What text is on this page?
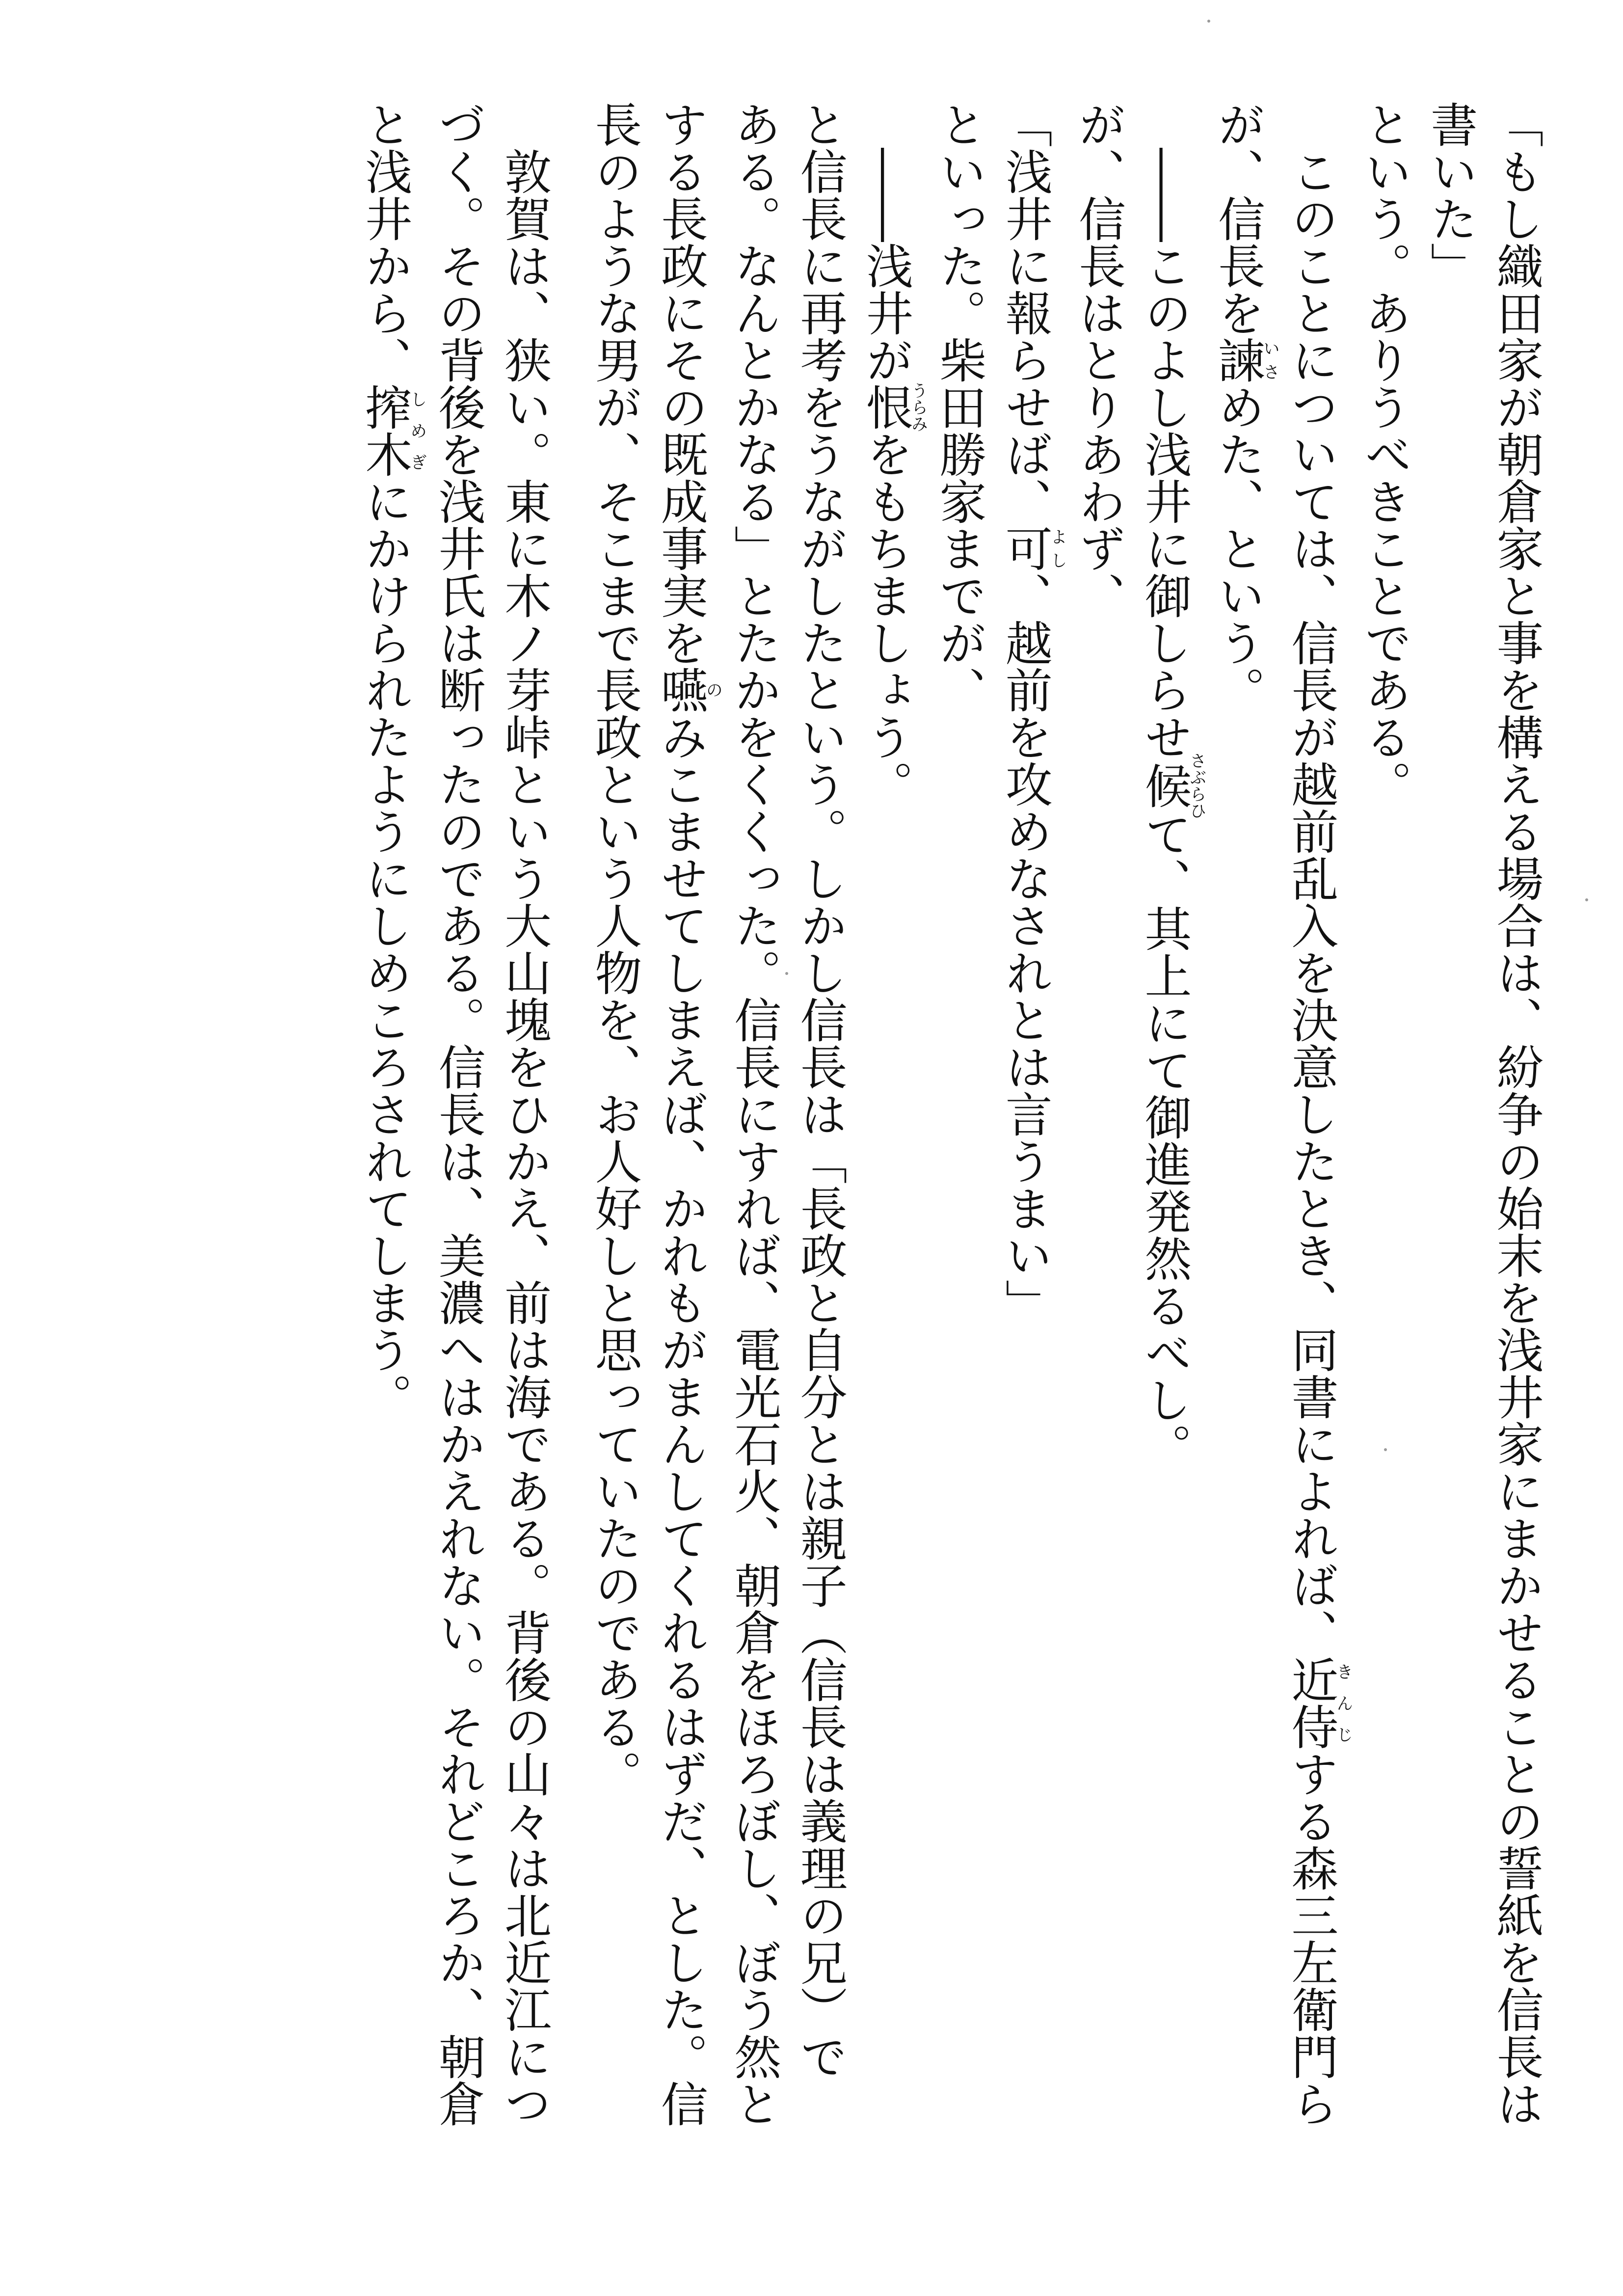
「もし織田家が朝倉家と事を構える場合は、紛争の始末を浅井家にまかせることの誓紙を信長は

書いた」

という。ありうべきことである。

　このことについては、信長が越前乱入を決意したとき、同書によれば、近侍きんじする森三左衛門ら

が、信長を諫いさめた、という。

　――このよし浅井に御しらせ候さぶらひて、其上にて御進発然るべし。

が、信長はとりあわず、

「浅井に報らせば、可よし、越前を攻めなされとは言うまい」

といった。柴田勝家までが、

　――浅井が恨うらみをもちましょう。

と信長に再考をうながしたという。しかし信長は「長政と自分とは親子（信長は義理の兄）で

ある。なんとかなる」とたかをくくった。信長にすれば、電光石火、朝倉をほろぼし、ぼう然と

する長政にその既成事実を嚥のみこませてしまえば、かれもがまんしてくれるはずだ、とした。信

長のような男が、そこまで長政という人物を、お人好しと思っていたのである。

　敦賀は、狭い。東に木ノ芽峠という大山塊をひかえ、前は海である。背後の山々は北近江につ

づく。その背後を浅井氏は断ったのである。信長は、美濃へはかえれない。それどころか、朝倉

と浅井から、搾木しめぎにかけられたようにしめころされてしまう。
